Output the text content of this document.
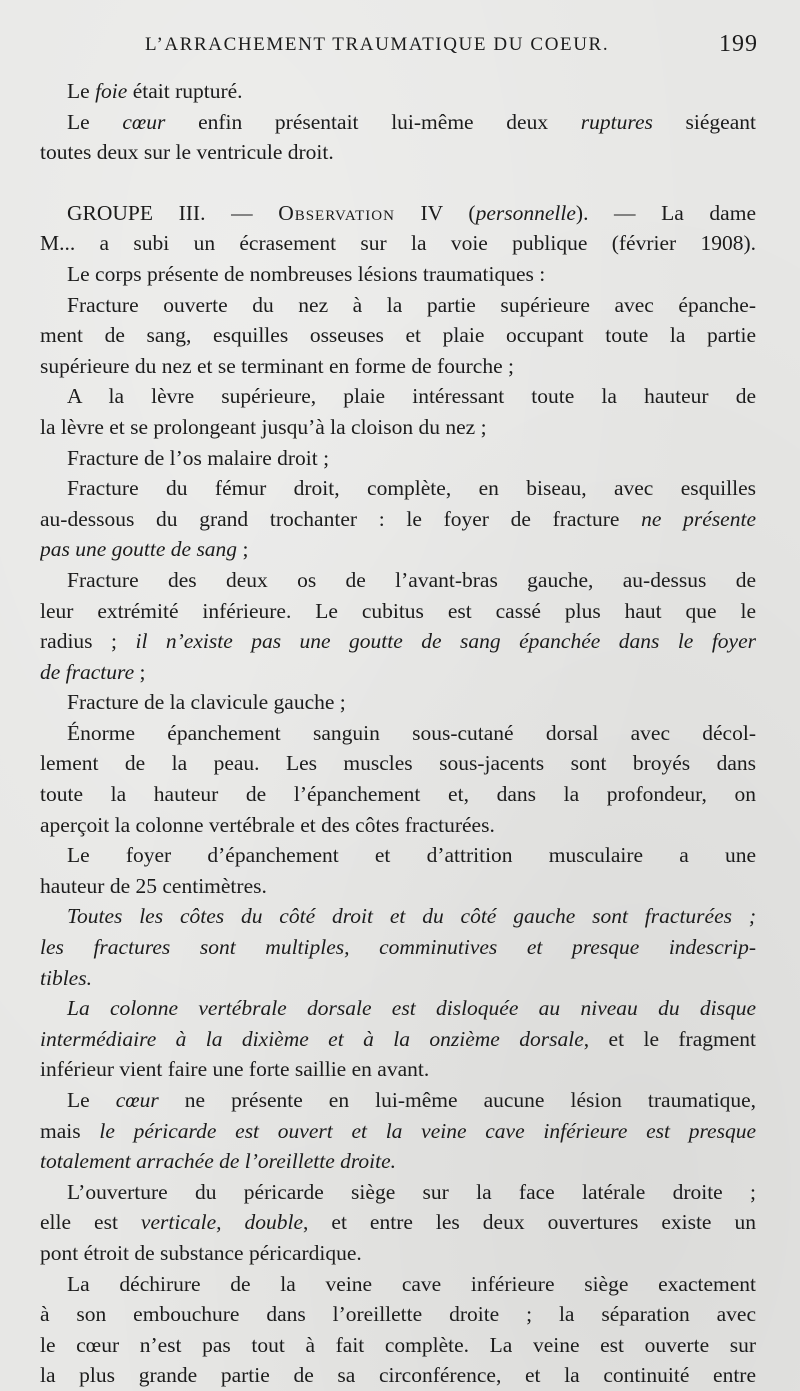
L’ARRACHEMENT TRAUMATIQUE DU COEUR.	199
Le foie était rupturé.
Le cœur enfin présentait lui-même deux ruptures siégeant
toutes deux sur le ventricule droit.
GROUPE III. — Observation IV (personnelle). — La dame
M... a subi un écrasement sur la voie publique (février 1908).
Le corps présente de nombreuses lésions traumatiques :
Fracture ouverte du nez à la partie supérieure avec épanche-
ment de sang, esquilles osseuses et plaie occupant toute la partie
supérieure du nez et se terminant en forme de fourche ;
A la lèvre supérieure, plaie intéressant toute la hauteur de
la lèvre et se prolongeant jusqu’à la cloison du nez ;
Fracture de l’os malaire droit ;
Fracture du fémur droit, complète, en biseau, avec esquilles
au-dessous du grand trochanter : le foyer de fracture ne présente
pas une goutte de sang ;
Fracture des deux os de l’avant-bras gauche, au-dessus de
leur extrémité inférieure. Le cubitus est cassé plus haut que le
radius ; il n’existe pas une goutte de sang épanchée dans le foyer
de fracture ;
Fracture de la clavicule gauche ;
Énorme épanchement sanguin sous-cutané dorsal avec décol-
lement de la peau. Les muscles sous-jacents sont broyés dans
toute la hauteur de l’épanchement et, dans la profondeur, on
aperçoit la colonne vertébrale et des côtes fracturées.
Le foyer d’épanchement et d’attrition musculaire a une
hauteur de 25 centimètres.
Toutes les côtes du côté droit et du côté gauche sont fracturées ;
les fractures sont multiples, comminutives et presque indescrip-
tibles.
La colonne vertébrale dorsale est disloquée au niveau du disque
intermédiaire à la dixième et à la onzième dorsale, et le fragment
inférieur vient faire une forte saillie en avant.
Le cœur ne présente en lui-même aucune lésion traumatique,
mais le péricarde est ouvert et la veine cave inférieure est presque
totalement arrachée de l’oreillette droite.
L’ouverture du péricarde siège sur la face latérale droite ;
elle est verticale, double, et entre les deux ouvertures existe un
pont étroit de substance péricardique.
La déchirure de la veine cave inférieure siège exactement
à son embouchure dans l’oreillette droite ; la séparation avec
le cœur n’est pas tout à fait complète. La veine est ouverte sur
la plus grande partie de sa circonférence, et la continuité entre
